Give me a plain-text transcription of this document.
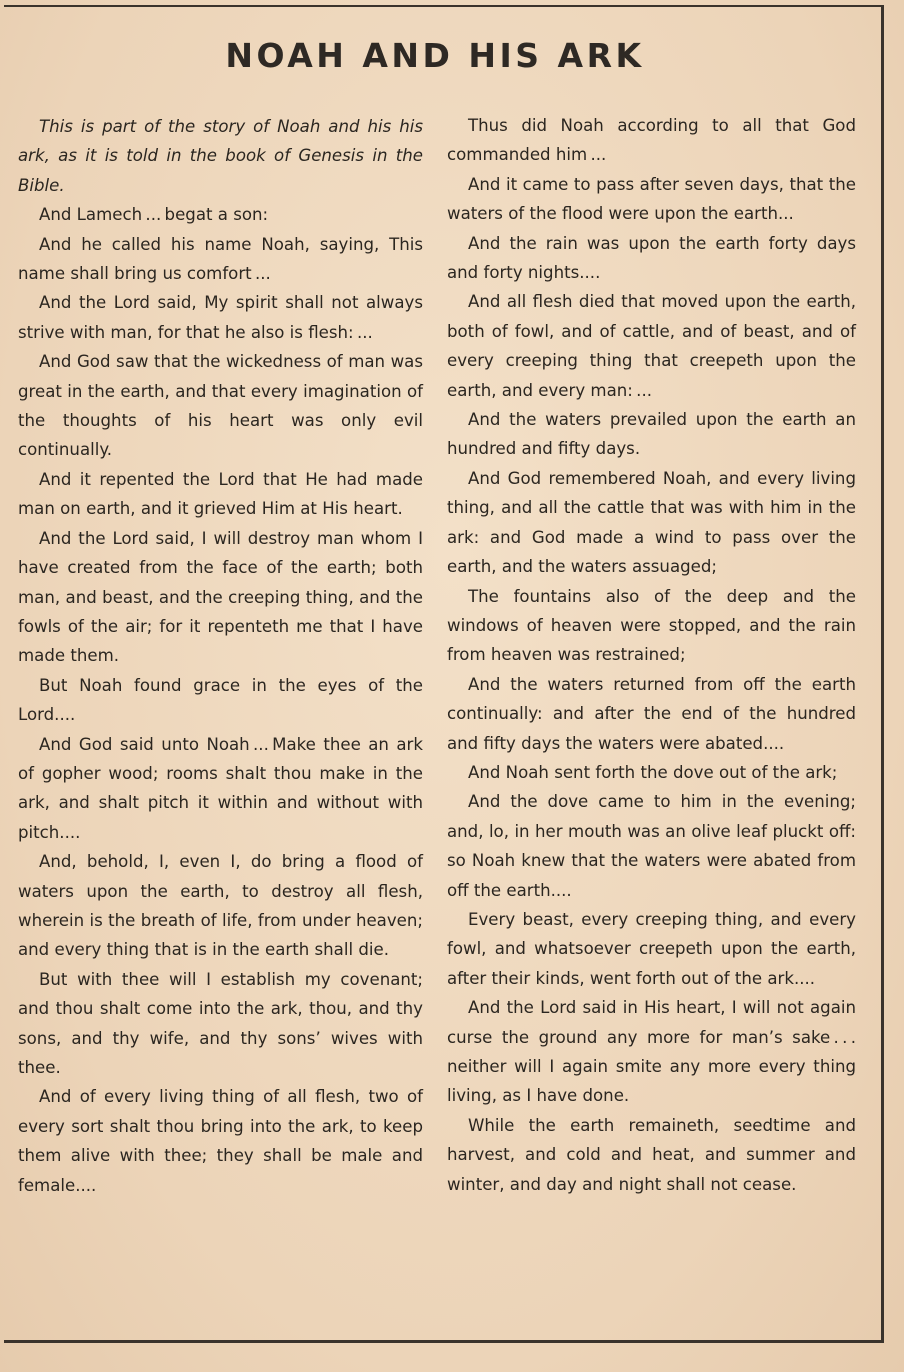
NOAH AND HIS ARK

This is part of the story of Noah and his his ark, as it is told in the book of Genesis in the Bible.

And Lamech ... begat a son:

And he called his name Noah, saying, This name shall bring us comfort ...

And the Lord said, My spirit shall not always strive with man, for that he also is flesh: ...

And God saw that the wickedness of man was great in the earth, and that every imagination of the thoughts of his heart was only evil continually.

And it repented the Lord that He had made man on earth, and it grieved Him at His heart.

And the Lord said, I will destroy man whom I have created from the face of the earth; both man, and beast, and the creeping thing, and the fowls of the air; for it repenteth me that I have made them.

But Noah found grace in the eyes of the Lord....

And God said unto Noah ... Make thee an ark of gopher wood; rooms shalt thou make in the ark, and shalt pitch it within and without with pitch....

And, behold, I, even I, do bring a flood of waters upon the earth, to destroy all flesh, wherein is the breath of life, from under heaven; and every thing that is in the earth shall die.

But with thee will I establish my covenant; and thou shalt come into the ark, thou, and thy sons, and thy wife, and thy sons’ wives with thee.

And of every living thing of all flesh, two of every sort shalt thou bring into the ark, to keep them alive with thee; they shall be male and female....

Thus did Noah according to all that God commanded him ...

And it came to pass after seven days, that the waters of the flood were upon the earth...

And the rain was upon the earth forty days and forty nights....

And all flesh died that moved upon the earth, both of fowl, and of cattle, and of beast, and of every creeping thing that creepeth upon the earth, and every man: ...

And the waters prevailed upon the earth an hundred and fifty days.

And God remembered Noah, and every living thing, and all the cattle that was with him in the ark: and God made a wind to pass over the earth, and the waters assuaged;

The fountains also of the deep and the windows of heaven were stopped, and the rain from heaven was restrained;

And the waters returned from off the earth continually: and after the end of the hundred and fifty days the waters were abated....

And Noah sent forth the dove out of the ark;

And the dove came to him in the evening; and, lo, in her mouth was an olive leaf pluckt off: so Noah knew that the waters were abated from off the earth....

Every beast, every creeping thing, and every fowl, and whatsoever creepeth upon the earth, after their kinds, went forth out of the ark....

And the Lord said in His heart, I will not again curse the ground any more for man’s sake . . . neither will I again smite any more every thing living, as I have done.

While the earth remaineth, seedtime and harvest, and cold and heat, and summer and winter, and day and night shall not cease.
